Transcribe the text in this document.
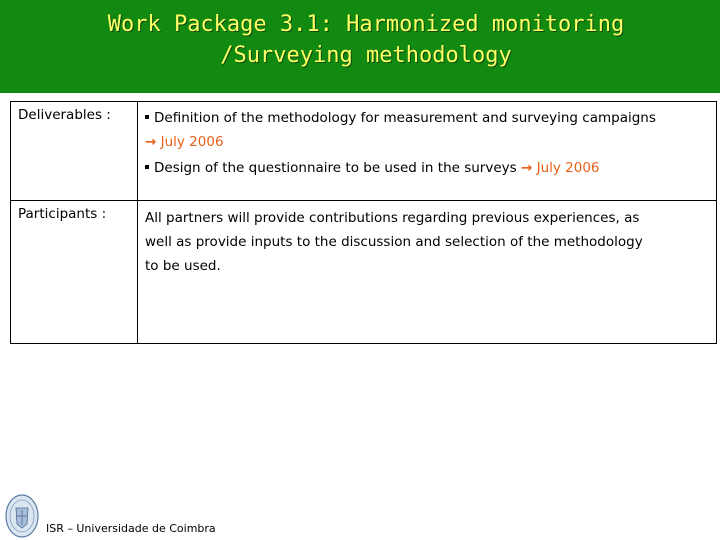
Work Package 3.1: Harmonized monitoring
/Surveying methodology
Deliverables :	Definition of the methodology for measurement and surveying campaigns
→ July 2006
Design of the questionnaire to be used in the surveys → July 2006
Participants :	All partners will provide contributions regarding previous experiences, as
well as provide inputs to the discussion and selection of the methodology
to be used.
ISR – Universidade de Coimbra
